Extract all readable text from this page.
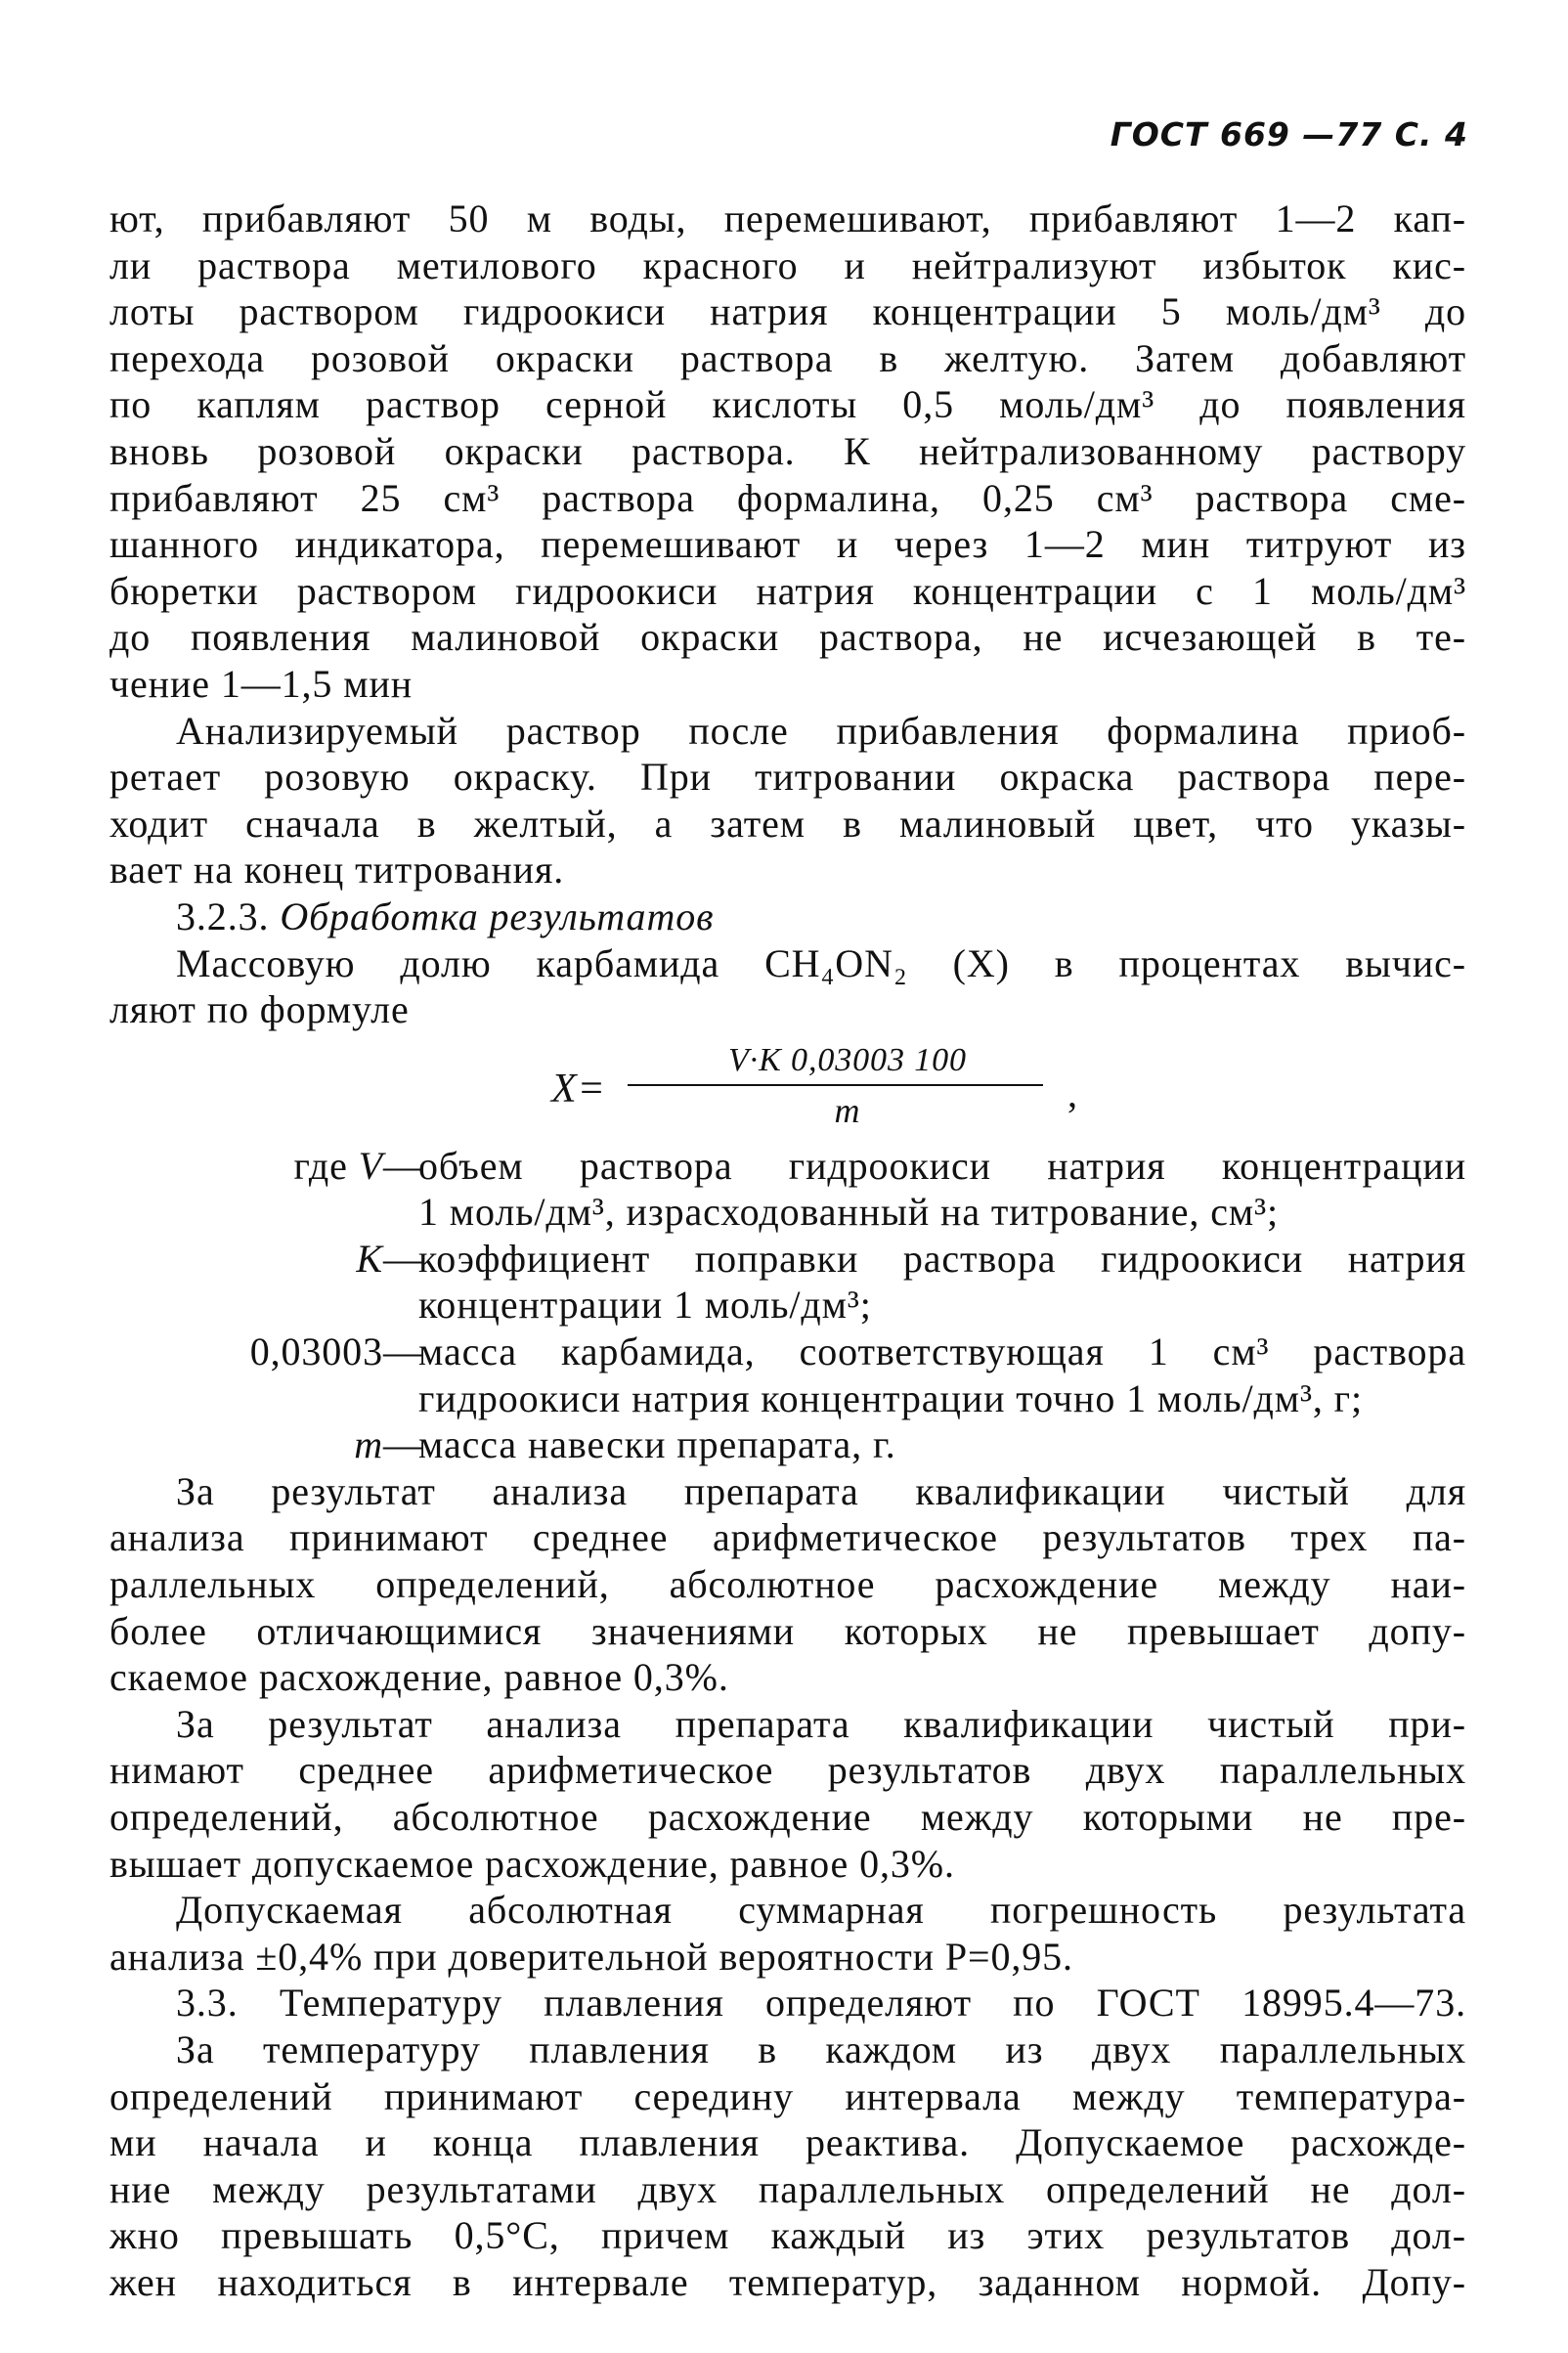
ГОСТ 669 —77 С. 4
ют, прибавляют 50 м воды, перемешивают, прибавляют 1—2 кап-
ли раствора метилового красного и нейтрализуют избыток кис-
лоты раствором гидроокиси натрия концентрации 5 моль/дм³ до
перехода розовой окраски раствора в желтую. Затем добавляют
по каплям раствор серной кислоты 0,5 моль/дм³ до появления
вновь розовой окраски раствора. К нейтрализованному раствору
прибавляют 25 см³ раствора формалина, 0,25 см³ раствора сме-
шанного индикатора, перемешивают и через 1—2 мин титруют из
бюретки раствором гидроокиси натрия концентрации с 1 моль/дм³
до появления малиновой окраски раствора, не исчезающей в те-
чение 1—1,5 мин
Анализируемый раствор после прибавления формалина приоб-
ретает розовую окраску. При титровании окраска раствора пере-
ходит сначала в желтый, а затем в малиновый цвет, что указы-
вает на конец титрования.
3.2.3. Обработка результатов
Массовую долю карбамида CH₄ON₂ (X) в процентах вычис-
ляют по формуле
X=
V·K 0,03003 100
m	,
где V —
объем раствора гидроокиси натрия концентрации
1 моль/дм³, израсходованный на титрование, см³;
K —
коэффициент поправки раствора гидроокиси натрия
концентрации 1 моль/дм³;
0,03003 —
масса карбамида, соответствующая 1 см³ раствора
гидроокиси натрия концентрации точно 1 моль/дм³, г;
m —
масса навески препарата, г.
За результат анализа препарата квалификации чистый для
анализа принимают среднее арифметическое результатов трех па-
раллельных определений, абсолютное расхождение между наи-
более отличающимися значениями которых не превышает допу-
скаемое расхождение, равное 0,3%.
За результат анализа препарата квалификации чистый при-
нимают среднее арифметическое результатов двух параллельных
определений, абсолютное расхождение между которыми не пре-
вышает допускаемое расхождение, равное 0,3%.
Допускаемая абсолютная суммарная погрешность результата
анализа ±0,4% при доверительной вероятности P=0,95.
3.3. Температуру плавления определяют по ГОСТ 18995.4—73.
За температуру плавления в каждом из двух параллельных
определений принимают середину интервала между температура-
ми начала и конца плавления реактива. Допускаемое расхожде-
ние между результатами двух параллельных определений не дол-
жно превышать 0,5°C, причем каждый из этих результатов дол-
жен находиться в интервале температур, заданном нормой. Допу-
